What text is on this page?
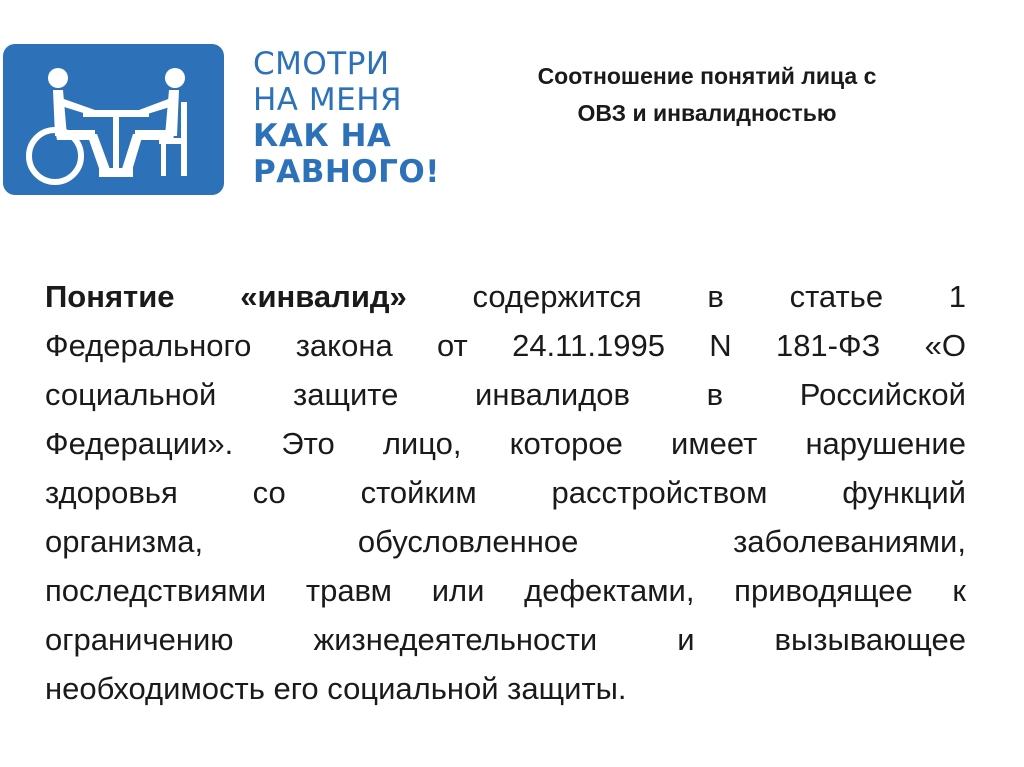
СМОТРИ
НА МЕНЯ
КАК НА
РАВНОГО!
Соотношение понятий лица с
ОВЗ и инвалидностью
Понятие «инвалид» содержится в статье 1
Федерального закона от 24.11.1995 N 181-ФЗ «О
социальной защите инвалидов в Российской
Федерации». Это лицо, которое имеет нарушение
здоровья со стойким расстройством функций
организма,	обусловленное	заболеваниями,
последствиями травм или дефектами, приводящее к
ограничению	жизнедеятельности	и	вызывающее
необходимость его социальной защиты.
